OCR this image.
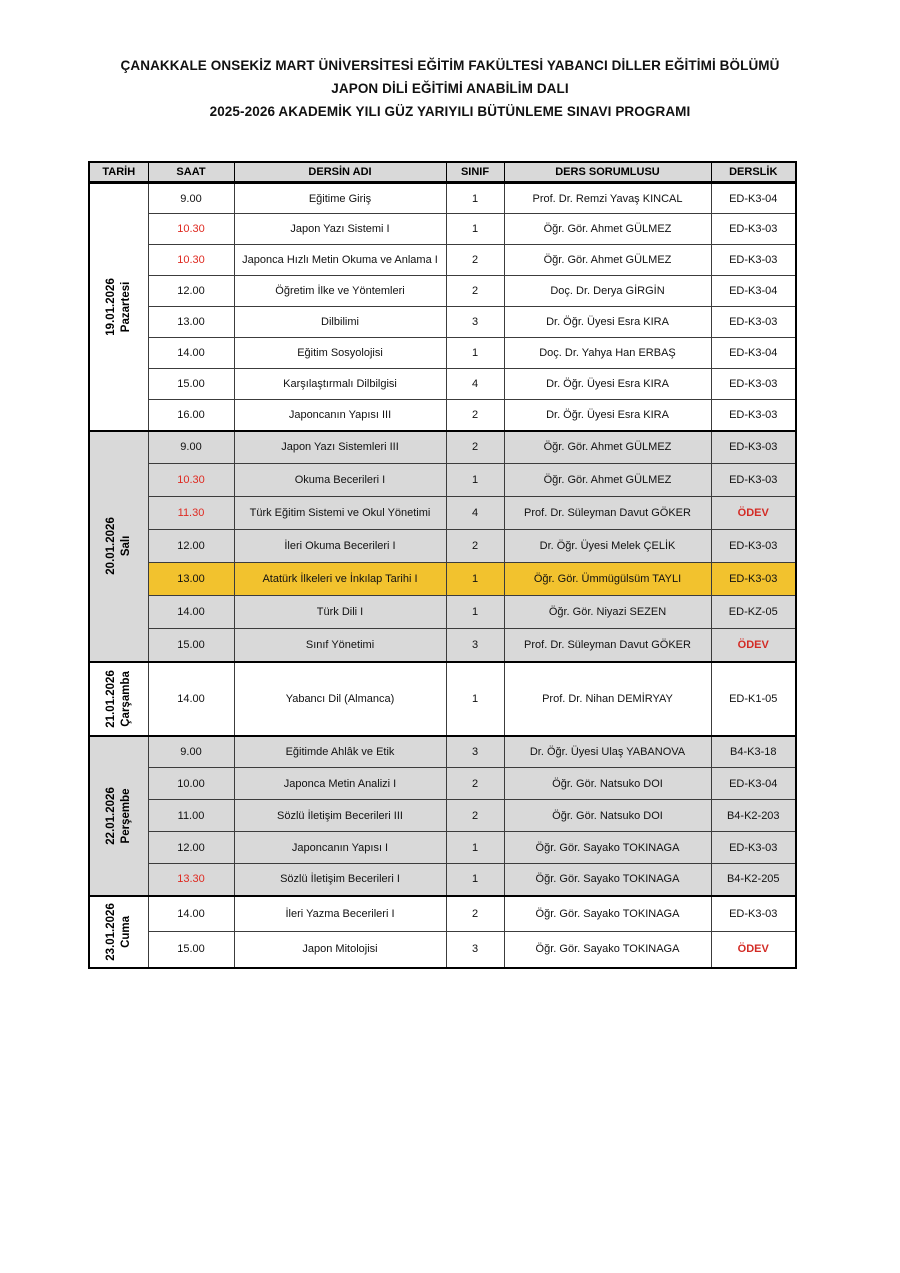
ÇANAKKALE ONSEKİZ MART ÜNİVERSİTESİ EĞİTİM FAKÜLTESİ YABANCI DİLLER EĞİTİMİ BÖLÜMÜ
JAPON DİLİ EĞİTİMİ ANABİLİM DALI
2025-2026 AKADEMİK YILI GÜZ YARIYILI BÜTÜNLEME SINAVI PROGRAMI
TARİH	SAAT	DERSİN ADI	SINIF	DERS SORUMLUSU	DERSLİK

19.01.2026 Pazartesi	9.00	Eğitime Giriş	1	Prof. Dr. Remzi Yavaş KINCAL	ED-K3-04
	10.30	Japon Yazı Sistemi I	1	Öğr. Gör. Ahmet GÜLMEZ	ED-K3-03
	10.30	Japonca Hızlı Metin Okuma ve Anlama I	2	Öğr. Gör. Ahmet GÜLMEZ	ED-K3-03
	12.00	Öğretim İlke ve Yöntemleri	2	Doç. Dr. Derya GİRGİN	ED-K3-04
	13.00	Dilbilimi	3	Dr. Öğr. Üyesi Esra KIRA	ED-K3-03
	14.00	Eğitim Sosyolojisi	1	Doç. Dr. Yahya Han ERBAŞ	ED-K3-04
	15.00	Karşılaştırmalı Dilbilgisi	4	Dr. Öğr. Üyesi Esra KIRA	ED-K3-03
	16.00	Japoncanın Yapısı III	2	Dr. Öğr. Üyesi Esra KIRA	ED-K3-03

20.01.2026 Salı	9.00	Japon Yazı Sistemleri III	2	Öğr. Gör. Ahmet GÜLMEZ	ED-K3-03
	10.30	Okuma Becerileri I	1	Öğr. Gör. Ahmet GÜLMEZ	ED-K3-03
	11.30	Türk Eğitim Sistemi ve Okul Yönetimi	4	Prof. Dr. Süleyman Davut GÖKER	ÖDEV
	12.00	İleri Okuma Becerileri I	2	Dr. Öğr. Üyesi Melek ÇELİK	ED-K3-03
	13.00	Atatürk İlkeleri ve İnkılap Tarihi I	1	Öğr. Gör. Ümmügülsüm TAYLI	ED-K3-03
	14.00	Türk Dili I	1	Öğr. Gör. Niyazi SEZEN	ED-KZ-05
	15.00	Sınıf Yönetimi	3	Prof. Dr. Süleyman Davut GÖKER	ÖDEV

21.01.2026 Çarşamba	14.00	Yabancı Dil (Almanca)	1	Prof. Dr. Nihan DEMİRYAY	ED-K1-05

22.01.2026 Perşembe	9.00	Eğitimde Ahlâk ve Etik	3	Dr. Öğr. Üyesi Ulaş YABANOVA	B4-K3-18
	10.00	Japonca Metin Analizi I	2	Öğr. Gör. Natsuko DOI	ED-K3-04
	11.00	Sözlü İletişim Becerileri III	2	Öğr. Gör. Natsuko DOI	B4-K2-203
	12.00	Japoncanın Yapısı I	1	Öğr. Gör. Sayako TOKINAGA	ED-K3-03
	13.30	Sözlü İletişim Becerileri I	1	Öğr. Gör. Sayako TOKINAGA	B4-K2-205

23.01.2026 Cuma	14.00	İleri Yazma Becerileri I	2	Öğr. Gör. Sayako TOKINAGA	ED-K3-03
	15.00	Japon Mitolojisi	3	Öğr. Gör. Sayako TOKINAGA	ÖDEV
